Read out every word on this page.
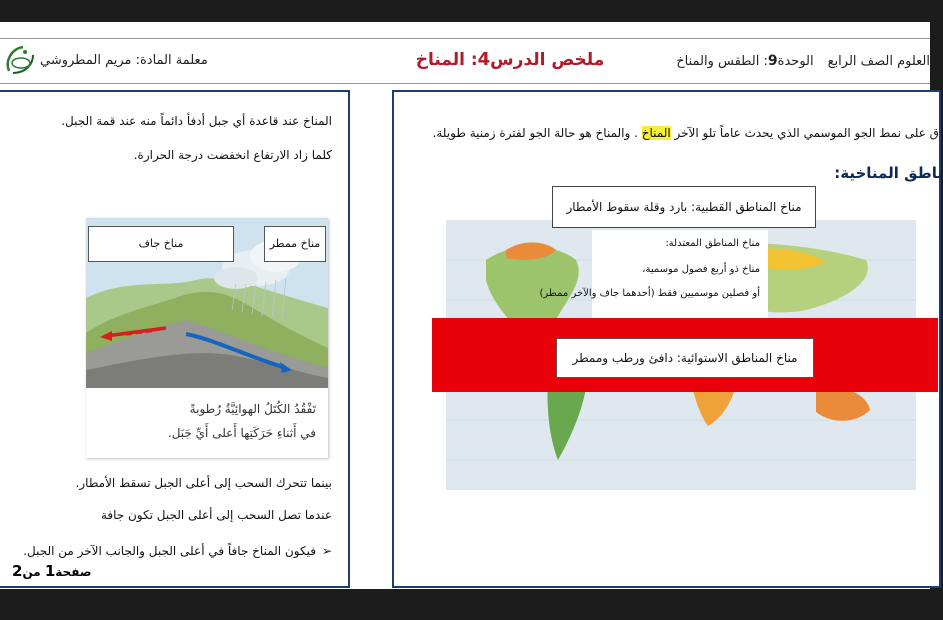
العلوم الصف الرابعالوحدة9: الطقس والمناخ
ملخص الدرس4: المناخ
معلمة المادة: مريم المطروشي
المناخ عند قاعدة أي جبل أدفأ دائماً منه عند قمة الجبل.
كلما زاد الارتفاع انخفضت درجة الحرارة.
مناخ جاف	مناخ ممطر
تَفْقُدُ الكُتَلُ الهوائِيَّةُ رُطوبةً
في أَثناءِ حَرَكَتِها أَعلى أَيِّ جَبَل.
بينما تتحرك السحب إلى أعلى الجبل تسقط الأمطار.
عندما تصل السحب إلى أعلى الجبل تكون جافة
➢فيكون المناخ جافاً في أعلى الجبل والجانب الآخر من الجبل.
صفحة1 من2
ق على نمط الجو الموسمي الذي يحدث عاماً تلو الآخر المناخ . والمناخ هو حالة الجو لفترة زمنية طويلة.
ناطق المناخية:
مناخ المناطق القطبية: بارد وقلة سقوط الأمطار
مناخ المناطق المعتدلة:
مناخ ذو أربع فصول موسمية،
أو فصلين موسميين فقط (أحدهما جاف والآخر ممطر)
مناخ المناطق الاستوائية: دافئ ورطب وممطر
